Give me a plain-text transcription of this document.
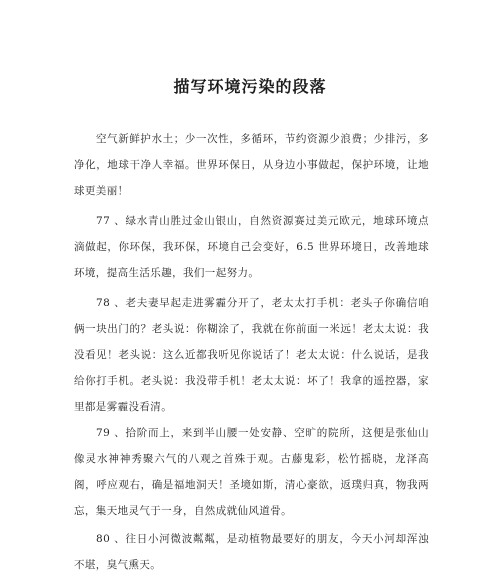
描写环境污染的段落

空气新鲜护水土；少一次性，多循环，节约资源少浪费；少排污，多净化，地球干净人幸福。世界环保日，从身边小事做起，保护环境，让地球更美丽！

77 、绿水青山胜过金山银山，自然资源赛过美元欧元，地球环境点滴做起，你环保，我环保，环境自己会变好，6.5 世界环境日，改善地球环境，提高生活乐趣，我们一起努力。

78 、老夫妻早起走进雾霾分开了，老太太打手机：老头子你确信咱俩一块出门的？老头说：你糊涂了，我就在你前面一米远！老太太说：我没看见！老头说：这么近都我听见你说话了！老太太说：什么说话，是我给你打手机。老头说：我没带手机！老太太说：坏了！我拿的遥控器，家里都是雾霾没看清。

79 、拾阶而上，来到半山腰一处安静、空旷的院所，这便是张仙山像灵水神神秀聚六气的八观之首殊于观。古藤鬼彩，松竹摇晓，龙泽高阁，呼应观右，确是福地洞天！圣境如斯，清心豪欲，返璞归真，物我两忘，集天地灵气于一身，自然成就仙风道骨。

80 、往日小河微波粼粼，是动植物最要好的朋友，今天小河却浑浊不堪，臭气熏天。
